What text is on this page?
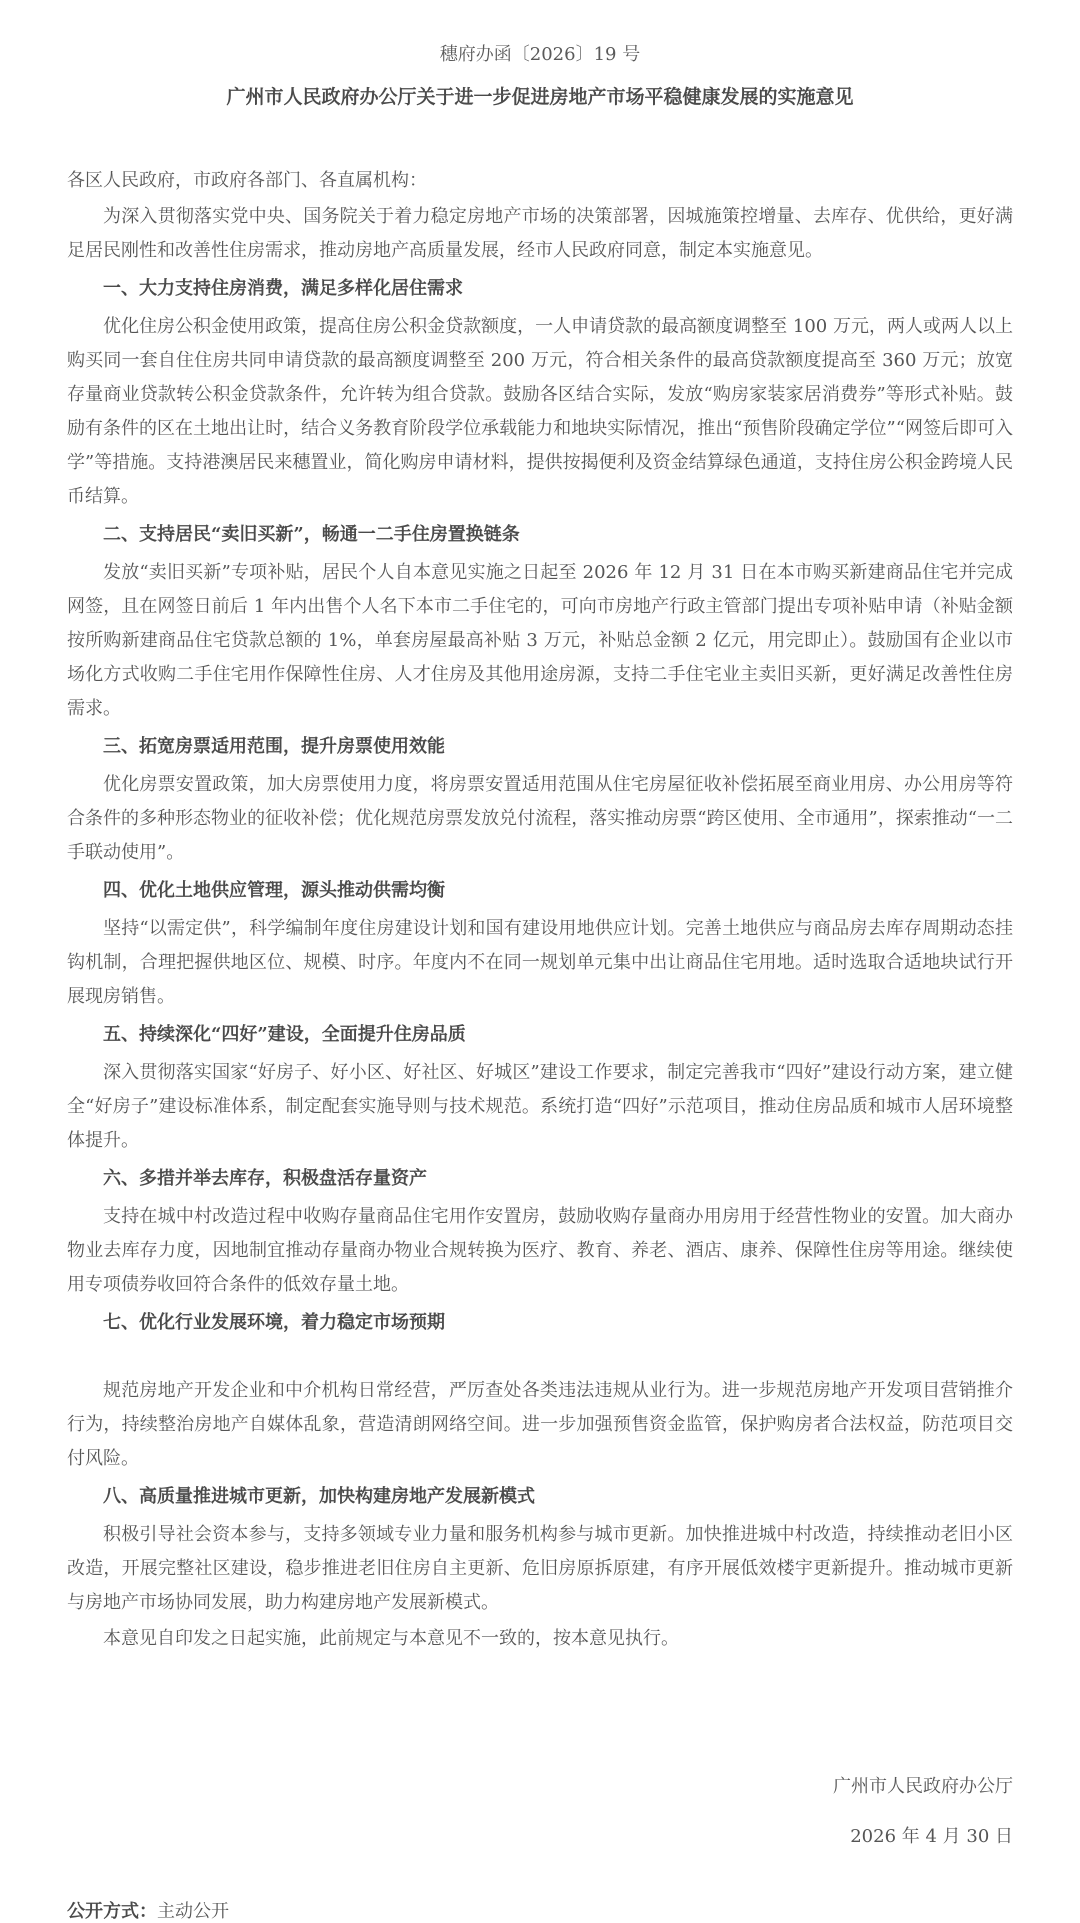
穗府办函〔2026〕19 号

广州市人民政府办公厅关于进一步促进房地产市场平稳健康发展的实施意见

各区人民政府，市政府各部门、各直属机构：

为深入贯彻落实党中央、国务院关于着力稳定房地产市场的决策部署，因城施策控增量、去库存、优供给，更好满足居民刚性和改善性住房需求，推动房地产高质量发展，经市人民政府同意，制定本实施意见。

一、大力支持住房消费，满足多样化居住需求

优化住房公积金使用政策，提高住房公积金贷款额度，一人申请贷款的最高额度调整至 100 万元，两人或两人以上购买同一套自住住房共同申请贷款的最高额度调整至 200 万元，符合相关条件的最高贷款额度提高至 360 万元；放宽存量商业贷款转公积金贷款条件，允许转为组合贷款。鼓励各区结合实际，发放“购房家装家居消费券”等形式补贴。鼓励有条件的区在土地出让时，结合义务教育阶段学位承载能力和地块实际情况，推出“预售阶段确定学位”“网签后即可入学”等措施。支持港澳居民来穗置业，简化购房申请材料，提供按揭便利及资金结算绿色通道，支持住房公积金跨境人民币结算。

二、支持居民“卖旧买新”，畅通一二手住房置换链条

发放“卖旧买新”专项补贴，居民个人自本意见实施之日起至 2026 年 12 月 31 日在本市购买新建商品住宅并完成网签，且在网签日前后 1 年内出售个人名下本市二手住宅的，可向市房地产行政主管部门提出专项补贴申请（补贴金额按所购新建商品住宅贷款总额的 1%，单套房屋最高补贴 3 万元，补贴总金额 2 亿元，用完即止）。鼓励国有企业以市场化方式收购二手住宅用作保障性住房、人才住房及其他用途房源，支持二手住宅业主卖旧买新，更好满足改善性住房需求。

三、拓宽房票适用范围，提升房票使用效能

优化房票安置政策，加大房票使用力度，将房票安置适用范围从住宅房屋征收补偿拓展至商业用房、办公用房等符合条件的多种形态物业的征收补偿；优化规范房票发放兑付流程，落实推动房票“跨区使用、全市通用”，探索推动“一二手联动使用”。

四、优化土地供应管理，源头推动供需均衡

坚持“以需定供”，科学编制年度住房建设计划和国有建设用地供应计划。完善土地供应与商品房去库存周期动态挂钩机制，合理把握供地区位、规模、时序。年度内不在同一规划单元集中出让商品住宅用地。适时选取合适地块试行开展现房销售。

五、持续深化“四好”建设，全面提升住房品质

深入贯彻落实国家“好房子、好小区、好社区、好城区”建设工作要求，制定完善我市“四好”建设行动方案，建立健全“好房子”建设标准体系，制定配套实施导则与技术规范。系统打造“四好”示范项目，推动住房品质和城市人居环境整体提升。

六、多措并举去库存，积极盘活存量资产

支持在城中村改造过程中收购存量商品住宅用作安置房，鼓励收购存量商办用房用于经营性物业的安置。加大商办物业去库存力度，因地制宜推动存量商办物业合规转换为医疗、教育、养老、酒店、康养、保障性住房等用途。继续使用专项债券收回符合条件的低效存量土地。

七、优化行业发展环境，着力稳定市场预期

规范房地产开发企业和中介机构日常经营，严厉查处各类违法违规从业行为。进一步规范房地产开发项目营销推介行为，持续整治房地产自媒体乱象，营造清朗网络空间。进一步加强预售资金监管，保护购房者合法权益，防范项目交付风险。

八、高质量推进城市更新，加快构建房地产发展新模式

积极引导社会资本参与，支持多领域专业力量和服务机构参与城市更新。加快推进城中村改造，持续推动老旧小区改造，开展完整社区建设，稳步推进老旧住房自主更新、危旧房原拆原建，有序开展低效楼宇更新提升。推动城市更新与房地产市场协同发展，助力构建房地产发展新模式。

本意见自印发之日起实施，此前规定与本意见不一致的，按本意见执行。

广州市人民政府办公厅

2026 年 4 月 30 日

公开方式：主动公开
